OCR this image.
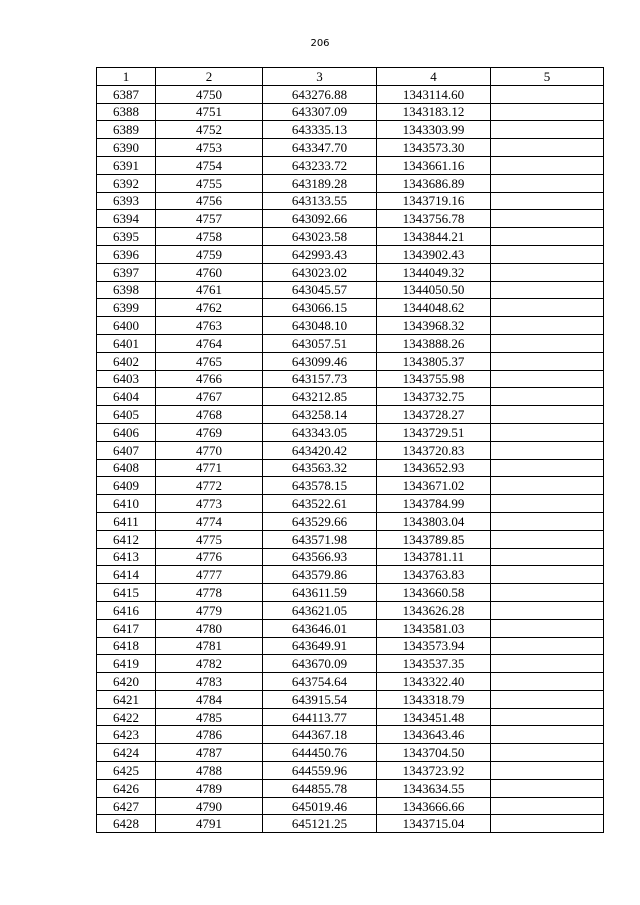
206
1	2	3	4	5
6387	4750	643276.88	1343114.60	
6388	4751	643307.09	1343183.12	
6389	4752	643335.13	1343303.99	
6390	4753	643347.70	1343573.30	
6391	4754	643233.72	1343661.16	
6392	4755	643189.28	1343686.89	
6393	4756	643133.55	1343719.16	
6394	4757	643092.66	1343756.78	
6395	4758	643023.58	1343844.21	
6396	4759	642993.43	1343902.43	
6397	4760	643023.02	1344049.32	
6398	4761	643045.57	1344050.50	
6399	4762	643066.15	1344048.62	
6400	4763	643048.10	1343968.32	
6401	4764	643057.51	1343888.26	
6402	4765	643099.46	1343805.37	
6403	4766	643157.73	1343755.98	
6404	4767	643212.85	1343732.75	
6405	4768	643258.14	1343728.27	
6406	4769	643343.05	1343729.51	
6407	4770	643420.42	1343720.83	
6408	4771	643563.32	1343652.93	
6409	4772	643578.15	1343671.02	
6410	4773	643522.61	1343784.99	
6411	4774	643529.66	1343803.04	
6412	4775	643571.98	1343789.85	
6413	4776	643566.93	1343781.11	
6414	4777	643579.86	1343763.83	
6415	4778	643611.59	1343660.58	
6416	4779	643621.05	1343626.28	
6417	4780	643646.01	1343581.03	
6418	4781	643649.91	1343573.94	
6419	4782	643670.09	1343537.35	
6420	4783	643754.64	1343322.40	
6421	4784	643915.54	1343318.79	
6422	4785	644113.77	1343451.48	
6423	4786	644367.18	1343643.46	
6424	4787	644450.76	1343704.50	
6425	4788	644559.96	1343723.92	
6426	4789	644855.78	1343634.55	
6427	4790	645019.46	1343666.66	
6428	4791	645121.25	1343715.04	
